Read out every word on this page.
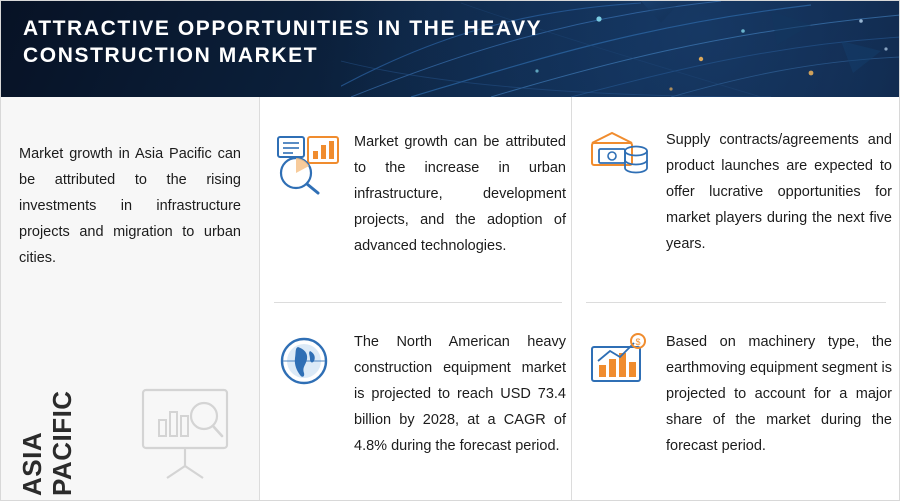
ATTRACTIVE OPPORTUNITIES IN THE HEAVY CONSTRUCTION MARKET
Market growth in Asia Pacific can be attributed to the rising investments in infrastructure projects and migration to urban cities.
ASIA PACIFIC
Market growth can be attributed to the increase in urban infrastructure, development projects, and the adoption of advanced technologies.
The North American heavy construction equipment market is projected to reach USD 73.4 billion by 2028, at a CAGR of 4.8% during the forecast period.
Supply contracts/agreements and product launches are expected to offer lucrative opportunities for market players during the next five years.
$ Based on machinery type, the earthmoving equipment segment is projected to account for a major share of the market during the forecast period.
